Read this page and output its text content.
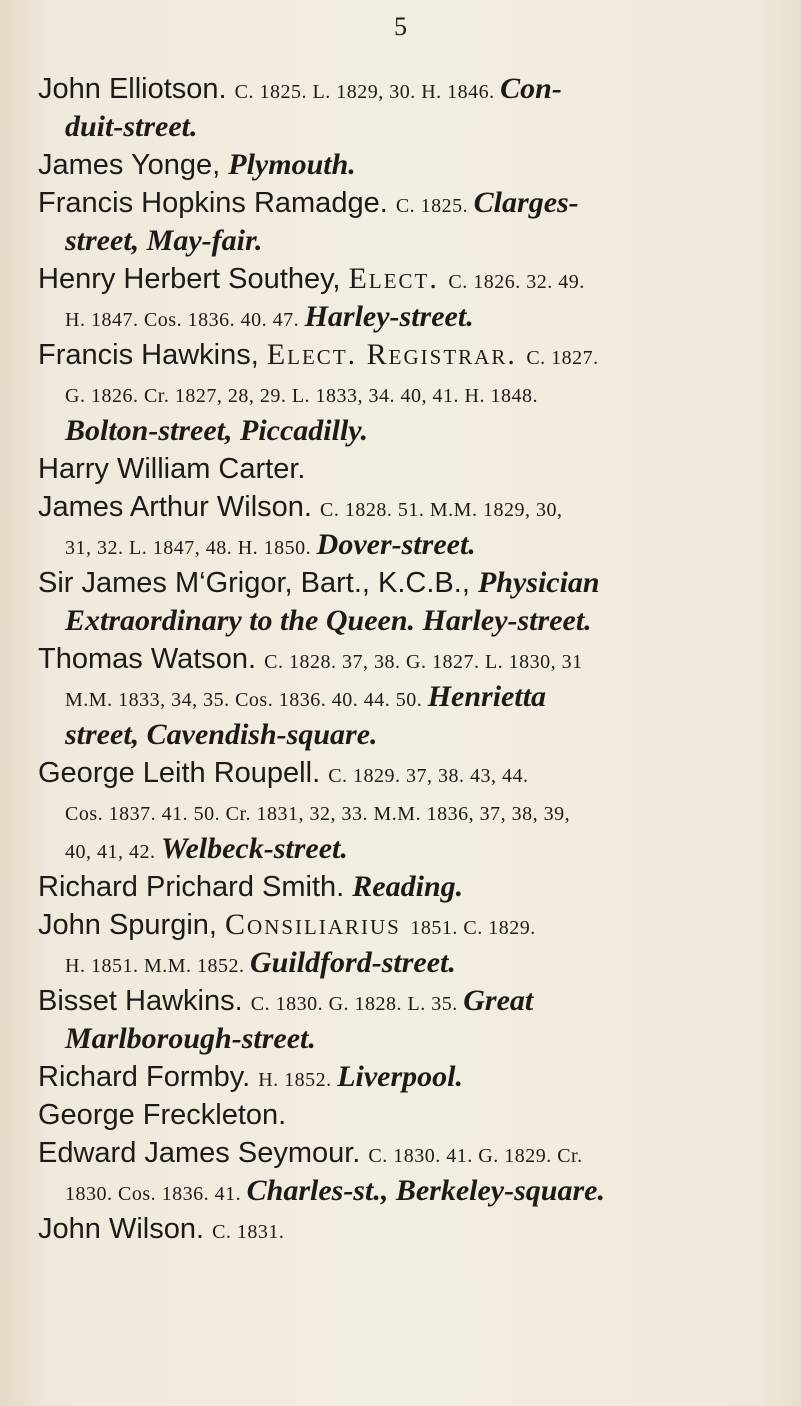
5
John Elliotson. C. 1825. L. 1829, 30. H. 1846. Con-
duit-street.
James Yonge, Plymouth.
Francis Hopkins Ramadge. C. 1825. Clarges-
street, May-fair.
Henry Herbert Southey, Elect. C. 1826. 32. 49.
H. 1847. Cos. 1836. 40. 47. Harley-street.
Francis Hawkins, Elect. Registrar. C. 1827.
G. 1826. Cr. 1827, 28, 29. L. 1833, 34. 40, 41. H. 1848.
Bolton-street, Piccadilly.
Harry William Carter.
James Arthur Wilson. C. 1828. 51. M.M. 1829, 30,
31, 32. L. 1847, 48. H. 1850. Dover-street.
Sir James M‘Grigor, Bart., K.C.B., Physician
Extraordinary to the Queen. Harley-street.
Thomas Watson. C. 1828. 37, 38. G. 1827. L. 1830, 31
M.M. 1833, 34, 35. Cos. 1836. 40. 44. 50. Henrietta
street, Cavendish-square.
George Leith Roupell. C. 1829. 37, 38. 43, 44.
Cos. 1837. 41. 50. Cr. 1831, 32, 33. M.M. 1836, 37, 38, 39,
40, 41, 42. Welbeck-street.
Richard Prichard Smith. Reading.
John Spurgin, Consiliarius 1851. C. 1829.
H. 1851. M.M. 1852. Guildford-street.
Bisset Hawkins. C. 1830. G. 1828. L. 35. Great
Marlborough-street.
Richard Formby. H. 1852. Liverpool.
George Freckleton.
Edward James Seymour. C. 1830. 41. G. 1829. Cr.
1830. Cos. 1836. 41. Charles-st., Berkeley-square.
John Wilson. C. 1831.
